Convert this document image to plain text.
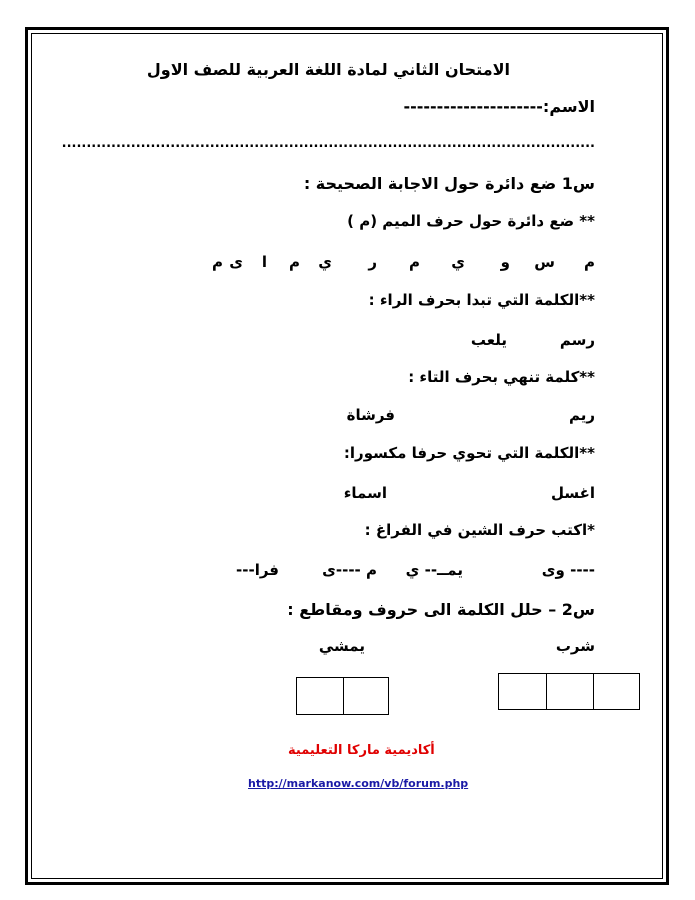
الامتحان الثاني لمادة اللغة العربية للصف الاول
الاسم:---------------------
............................................................................................................
س1 ضع دائرة حول الاجابة الصحيحة :
** ضع دائرة حول حرف الميم (م )
م
س
و
ي
م
ر
ي
م
ا
ى
م
**الكلمة التي تبدا بحرف الراء :
رسم
يلعب
**كلمة تنهي بحرف التاء :
ريم
فرشاة
**الكلمة التي تحوي حرفا مكسورا:
اغسل
اسماء
*اكتب حرف الشين في الفراغ :
---- وى
يمــ-- ي
م ----ى
فرا---
س2 – حلل الكلمة الى حروف ومقاطع :
شرب
يمشي
أكاديمية ماركا التعليمية
http://markanow.com/vb/forum.php
